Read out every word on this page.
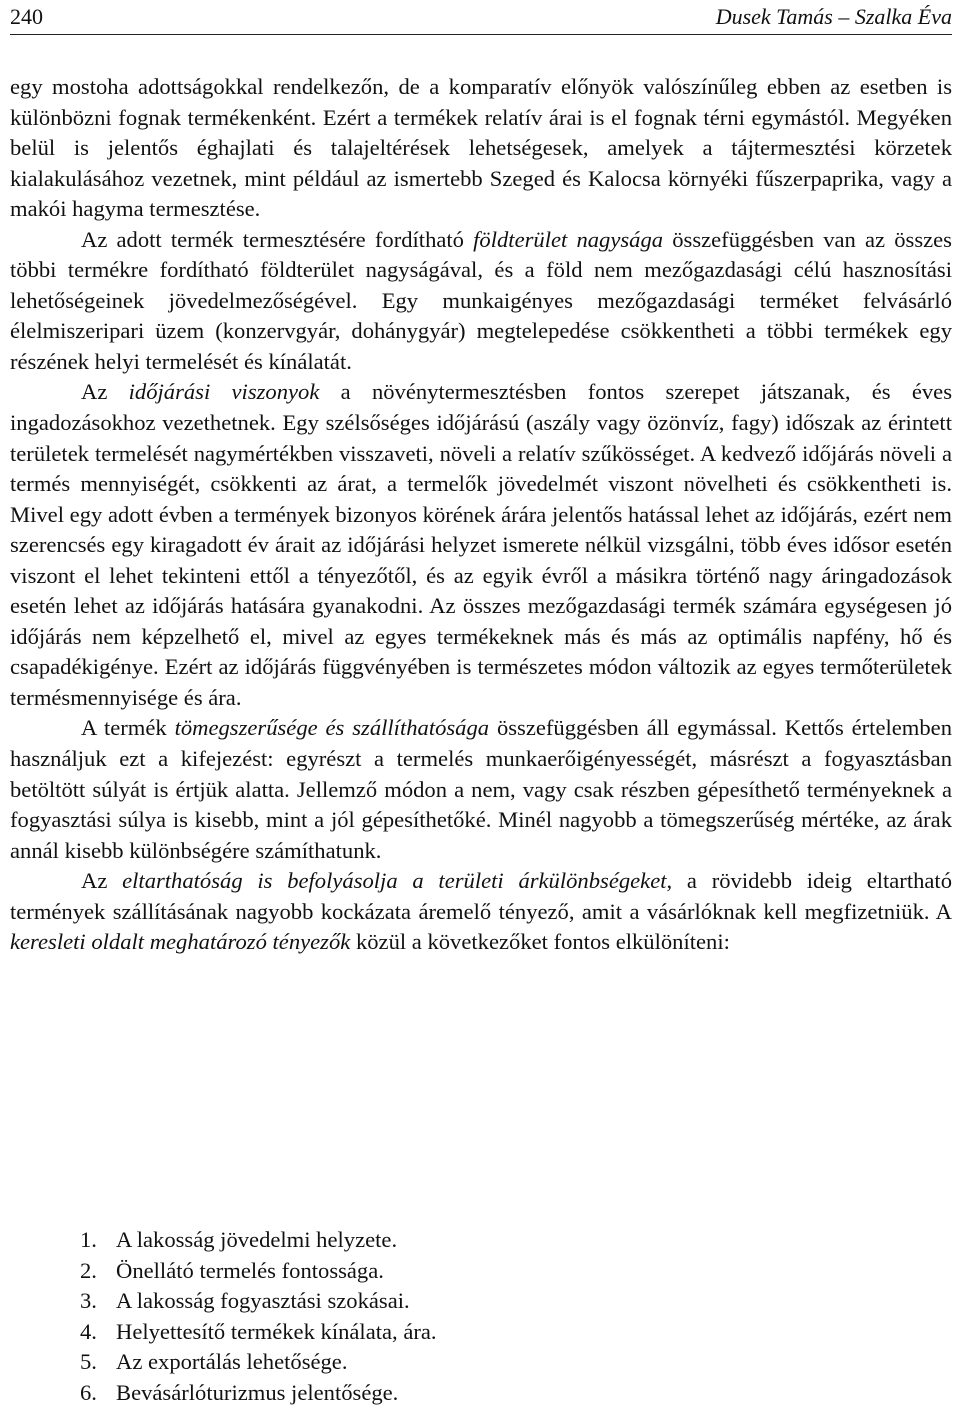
240	Dusek Tamás – Szalka Éva

egy mostoha adottságokkal rendelkezőn, de a komparatív előnyök valószínűleg ebben az esetben is különbözni fognak termékenként. Ezért a termékek relatív árai is el fognak térni egymástól. Megyéken belül is jelentős éghajlati és talajeltérések lehetségesek, amelyek a tájtermesztési körzetek kialakulásához vezetnek, mint például az ismertebb Szeged és Kalocsa környéki fűszerpaprika, vagy a makói hagyma termesztése.

Az adott termék termesztésére fordítható földterület nagysága összefüggésben van az összes többi termékre fordítható földterület nagyságával, és a föld nem mezőgazdasági célú hasznosítási lehetőségeinek jövedelmezőségével. Egy munkaigényes mezőgazdasági terméket felvásárló élelmiszeripari üzem (konzervgyár, dohánygyár) megtelepedése csökkentheti a többi termékek egy részének helyi termelését és kínálatát.

Az időjárási viszonyok a növénytermesztésben fontos szerepet játszanak, és éves ingadozásokhoz vezethetnek. Egy szélsőséges időjárású (aszály vagy özönvíz, fagy) időszak az érintett területek termelését nagymértékben visszaveti, növeli a relatív szűkösséget. A kedvező időjárás növeli a termés mennyiségét, csökkenti az árat, a termelők jövedelmét viszont növelheti és csökkentheti is. Mivel egy adott évben a termények bizonyos körének árára jelentős hatással lehet az időjárás, ezért nem szerencsés egy kiragadott év árait az időjárási helyzet ismerete nélkül vizsgálni, több éves idősor esetén viszont el lehet tekinteni ettől a tényezőtől, és az egyik évről a másikra történő nagy áringadozások esetén lehet az időjárás hatására gyanakodni. Az összes mezőgazdasági termék számára egységesen jó időjárás nem képzelhető el, mivel az egyes termékeknek más és más az optimális napfény, hő és csapadékigénye. Ezért az időjárás függvényében is természetes módon változik az egyes termőterületek termésmennyisége és ára.

A termék tömegszerűsége és szállíthatósága összefüggésben áll egymással. Kettős értelemben használjuk ezt a kifejezést: egyrészt a termelés munkaerőigényességét, másrészt a fogyasztásban betöltött súlyát is értjük alatta. Jellemző módon a nem, vagy csak részben gépesíthető terményeknek a fogyasztási súlya is kisebb, mint a jól gépesíthetőké. Minél nagyobb a tömegszerűség mértéke, az árak annál kisebb különbségére számíthatunk.

Az eltarthatóság is befolyásolja a területi árkülönbségeket, a rövidebb ideig eltartható termények szállításának nagyobb kockázata áremelő tényező, amit a vásárlóknak kell megfizetniük. A keresleti oldalt meghatározó tényezők közül a következőket fontos elkülöníteni:

1. A lakosság jövedelmi helyzete.
2. Önellátó termelés fontossága.
3. A lakosság fogyasztási szokásai.
4. Helyettesítő termékek kínálata, ára.
5. Az exportálás lehetősége.
6. Bevásárlóturizmus jelentősége.
